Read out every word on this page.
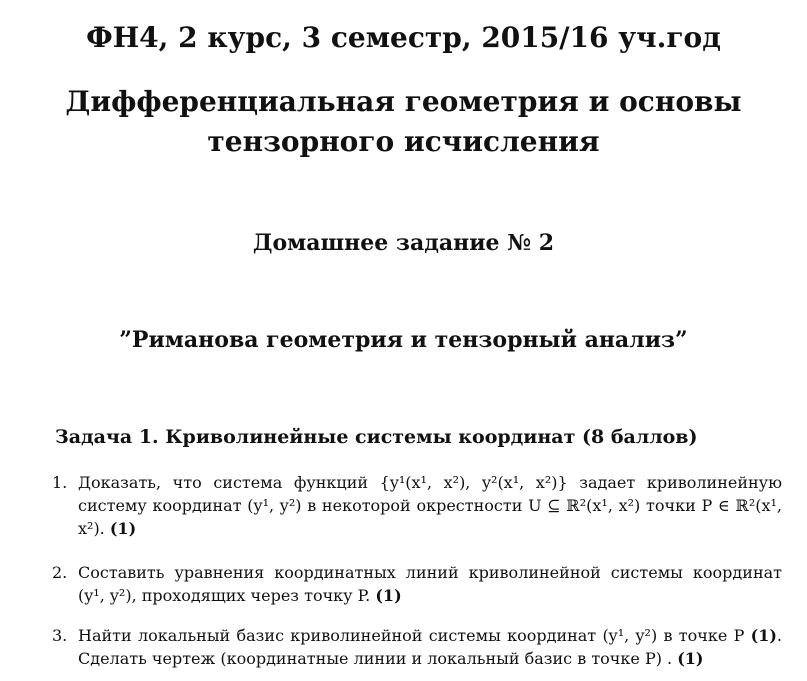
ФН4, 2 курс, 3 семестр, 2015/16 уч.год
Дифференциальная геометрия и основы тензорного исчисления
Домашнее задание № 2
”Риманова геометрия и тензорный анализ”
Задача 1. Криволинейные системы координат (8 баллов)
1. Доказать, что система функций {y¹(x¹, x²), y²(x¹, x²)} задает криволинейную систему координат (y¹, y²) в некоторой окрестности U ⊆ ℝ²(x¹, x²) точки P ∈ ℝ²(x¹, x²). (1)
2. Составить уравнения координатных линий криволинейной системы координат (y¹, y²), проходящих через точку P. (1)
3. Найти локальный базис криволинейной системы координат (y¹, y²) в точке P (1). Сделать чертеж (координатные линии и локальный базис в точке P) . (1)
